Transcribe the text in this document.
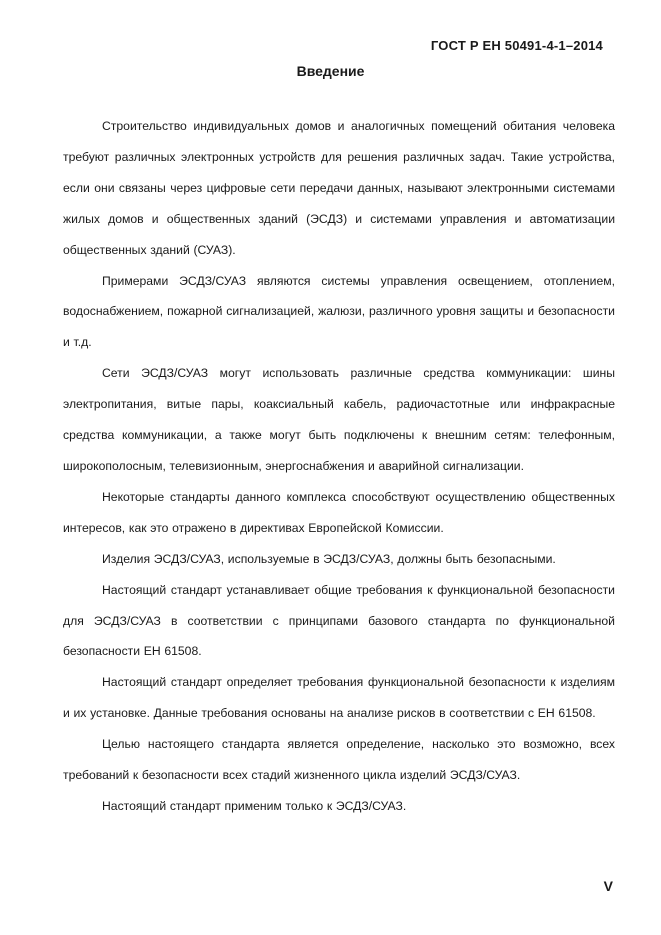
ГОСТ Р ЕН 50491-4-1–2014
Введение

Строительство индивидуальных домов и аналогичных помещений обитания человека требуют различных электронных устройств для решения различных задач. Такие устройства, если они связаны через цифровые сети передачи данных, называют электронными системами жилых домов и общественных зданий (ЭСДЗ) и системами управления и автоматизации общественных зданий (СУАЗ).

Примерами ЭСДЗ/СУАЗ являются системы управления освещением, отоплением, водоснабжением, пожарной сигнализацией, жалюзи, различного уровня защиты и безопасности и т.д.

Сети ЭСДЗ/СУАЗ могут использовать различные средства коммуникации: шины электропитания, витые пары, коаксиальный кабель, радиочастотные или инфракрасные средства коммуникации, а также могут быть подключены к внешним сетям: телефонным, широкополосным, телевизионным, энергоснабжения и аварийной сигнализации.

Некоторые стандарты данного комплекса способствуют осуществлению общественных интересов, как это отражено в директивах Европейской Комиссии.

Изделия ЭСДЗ/СУАЗ, используемые в ЭСДЗ/СУАЗ, должны быть безопасными.

Настоящий стандарт устанавливает общие требования к функциональной безопасности для ЭСДЗ/СУАЗ в соответствии с принципами базового стандарта по функциональной безопасности ЕН 61508.

Настоящий стандарт определяет требования функциональной безопасности к изделиям и их установке. Данные требования основаны на анализе рисков в соответствии с ЕН 61508.

Целью настоящего стандарта является определение, насколько это возможно, всех требований к безопасности всех стадий жизненного цикла изделий ЭСДЗ/СУАЗ.

Настоящий стандарт применим только к ЭСДЗ/СУАЗ.

V
